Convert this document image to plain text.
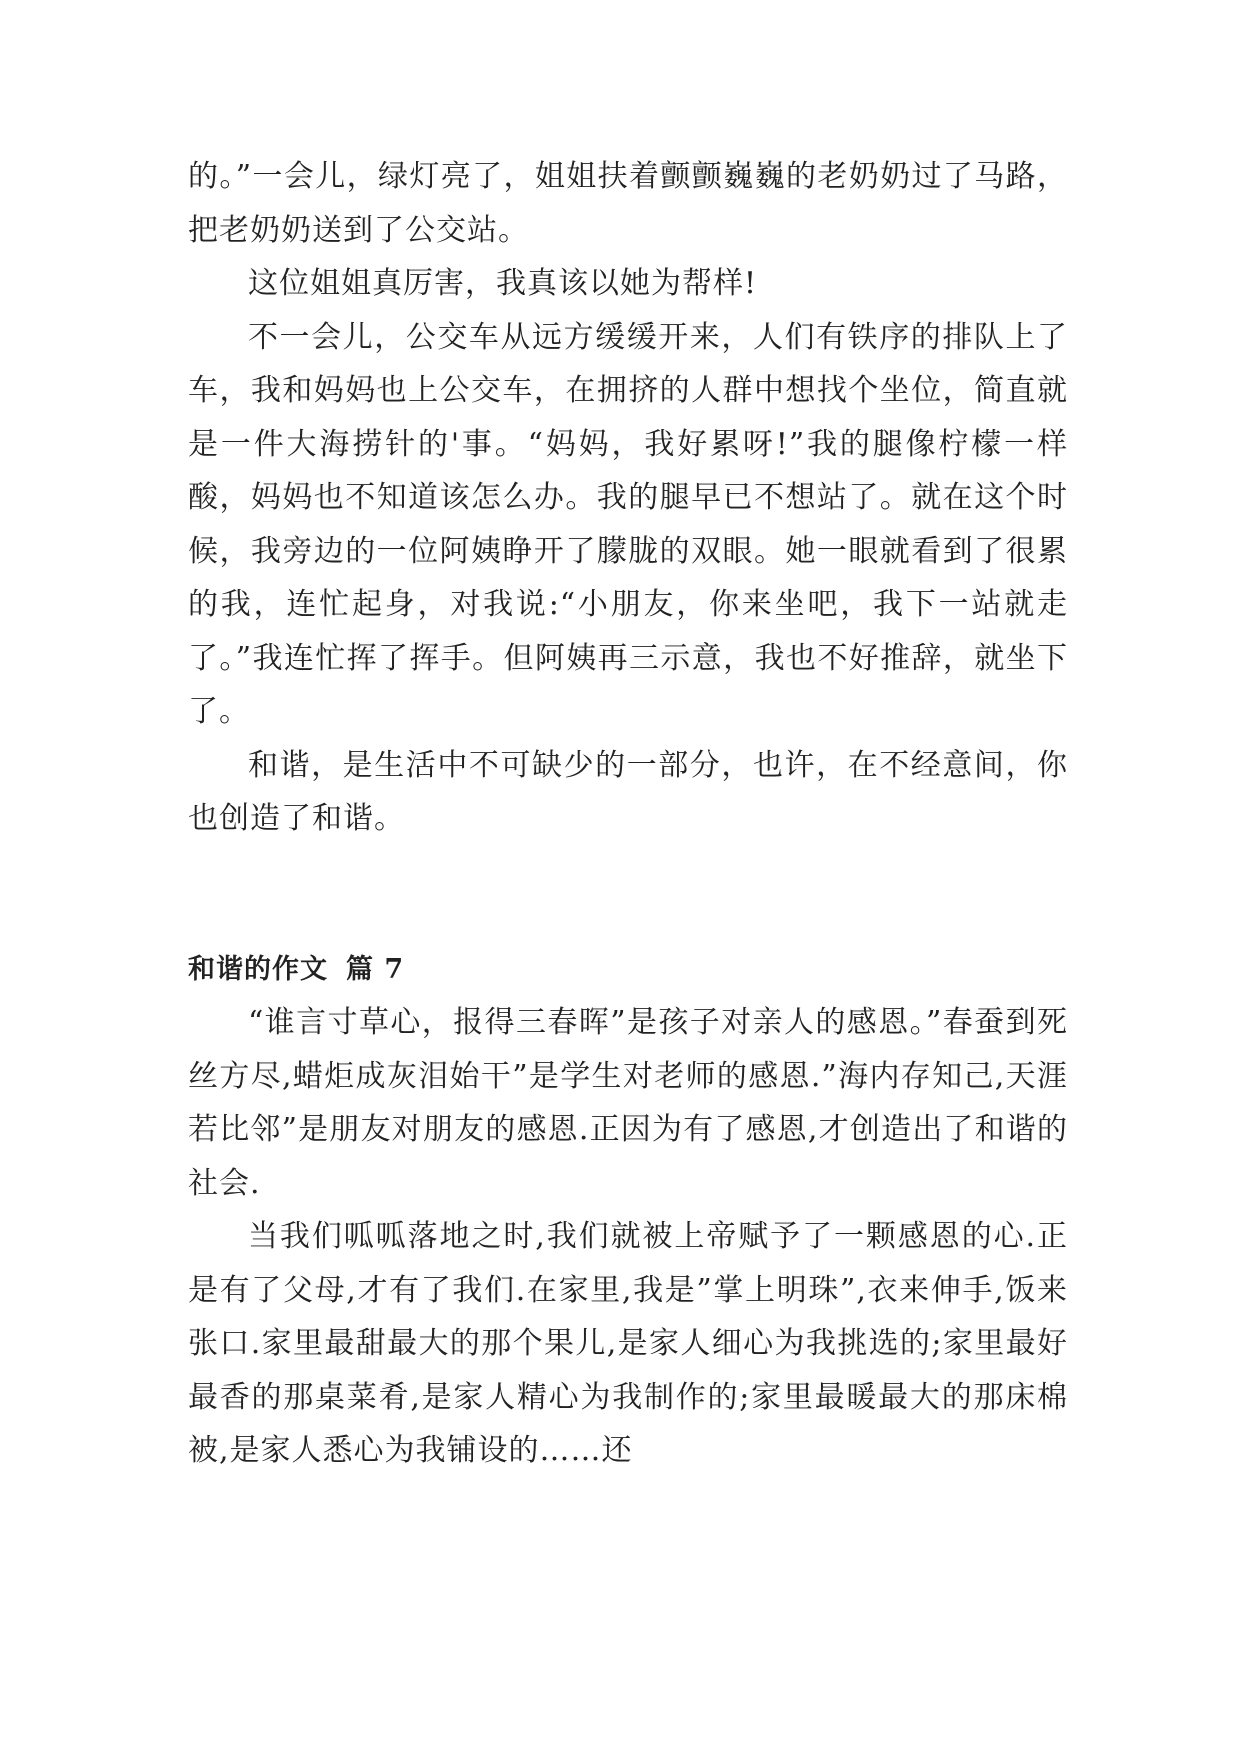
的。”一会儿，绿灯亮了，姐姐扶着颤颤巍巍的老奶奶过了马路，把老奶奶送到了公交站。

这位姐姐真厉害，我真该以她为帮样!

不一会儿，公交车从远方缓缓开来，人们有铁序的排队上了车，我和妈妈也上公交车，在拥挤的人群中想找个坐位，简直就是一件大海捞针的'事。“妈妈，我好累呀!”我的腿像柠檬一样酸，妈妈也不知道该怎么办。我的腿早已不想站了。就在这个时候，我旁边的一位阿姨睁开了朦胧的双眼。她一眼就看到了很累的我，连忙起身，对我说:“小朋友，你来坐吧，我下一站就走了。”我连忙挥了挥手。但阿姨再三示意，我也不好推辞，就坐下了。

和谐，是生活中不可缺少的一部分，也许，在不经意间，你也创造了和谐。

和谐的作文 篇 7

“谁言寸草心，报得三春晖”是孩子对亲人的感恩。”春蚕到死丝方尽,蜡炬成灰泪始干”是学生对老师的感恩.”海内存知己,天涯若比邻”是朋友对朋友的感恩.正因为有了感恩,才创造出了和谐的社会.

当我们呱呱落地之时,我们就被上帝赋予了一颗感恩的心.正是有了父母,才有了我们.在家里,我是”掌上明珠”,衣来伸手,饭来张口.家里最甜最大的那个果儿,是家人细心为我挑选的;家里最好最香的那桌菜肴,是家人精心为我制作的;家里最暖最大的那床棉被,是家人悉心为我铺设的……还
